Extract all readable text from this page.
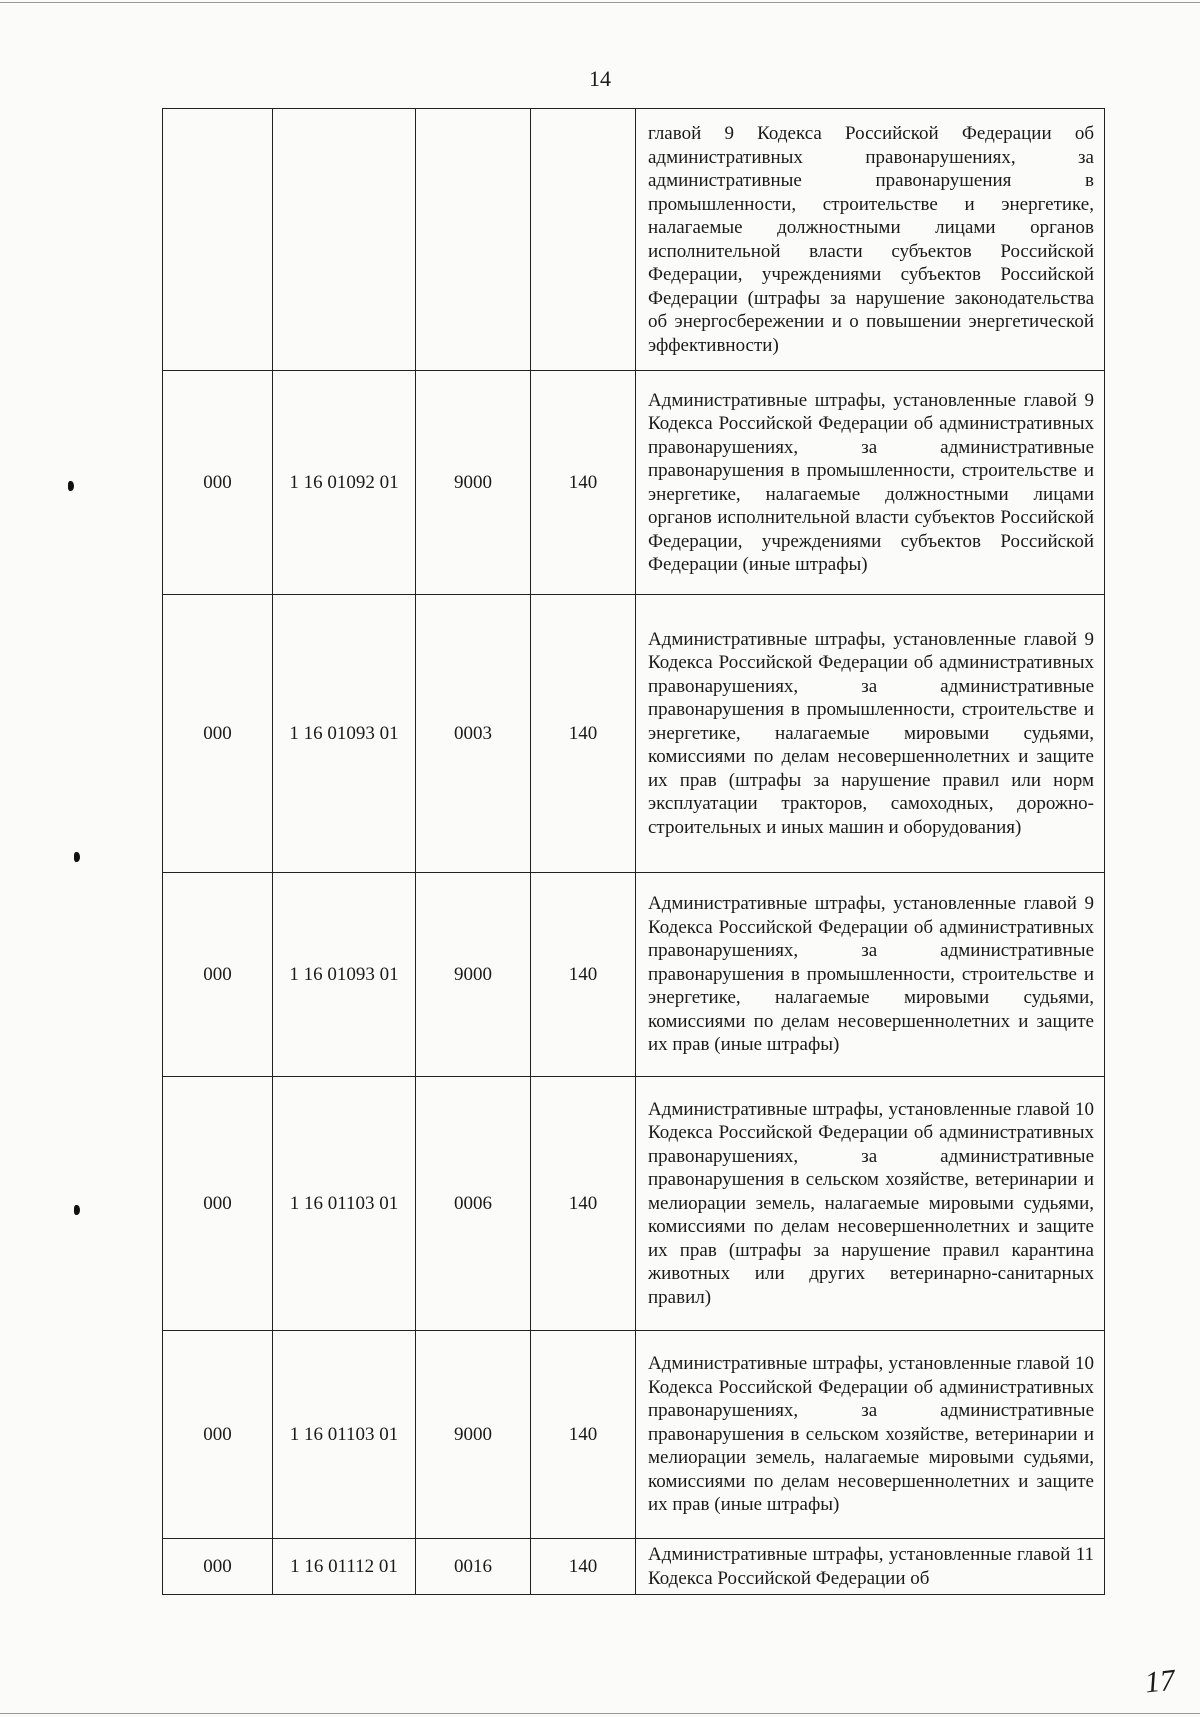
14
				главой 9 Кодекса Российской Федерации об административных правонарушениях, за административные правонарушения в промышленности, строительстве и энергетике, налагаемые должностными лицами органов исполнительной власти субъектов Российской Федерации, учреждениями субъектов Российской Федерации (штрафы за нарушение законодательства об энергосбережении и о повышении энергетической эффективности)
000	1 16 01092 01	9000	140	Административные штрафы, установленные главой 9 Кодекса Российской Федерации об административных правонарушениях, за административные правонарушения в промышленности, строительстве и энергетике, налагаемые должностными лицами органов исполнительной власти субъектов Российской Федерации, учреждениями субъектов Российской Федерации (иные штрафы)
000	1 16 01093 01	0003	140	Административные штрафы, установленные главой 9 Кодекса Российской Федерации об административных правонарушениях, за административные правонарушения в промышленности, строительстве и энергетике, налагаемые мировыми судьями, комиссиями по делам несовершеннолетних и защите их прав (штрафы за нарушение правил или норм эксплуатации тракторов, самоходных, дорожно-строительных и иных машин и оборудования)
000	1 16 01093 01	9000	140	Административные штрафы, установленные главой 9 Кодекса Российской Федерации об административных правонарушениях, за административные правонарушения в промышленности, строительстве и энергетике, налагаемые мировыми судьями, комиссиями по делам несовершеннолетних и защите их прав (иные штрафы)
000	1 16 01103 01	0006	140	Административные штрафы, установленные главой 10 Кодекса Российской Федерации об административных правонарушениях, за административные правонарушения в сельском хозяйстве, ветеринарии и мелиорации земель, налагаемые мировыми судьями, комиссиями по делам несовершеннолетних и защите их прав (штрафы за нарушение правил карантина животных или других ветеринарно-санитарных правил)
000	1 16 01103 01	9000	140	Административные штрафы, установленные главой 10 Кодекса Российской Федерации об административных правонарушениях, за административные правонарушения в сельском хозяйстве, ветеринарии и мелиорации земель, налагаемые мировыми судьями, комиссиями по делам несовершеннолетних и защите их прав (иные штрафы)
000	1 16 01112 01	0016	140	Административные штрафы, установленные главой 11 Кодекса Российской Федерации об
17
